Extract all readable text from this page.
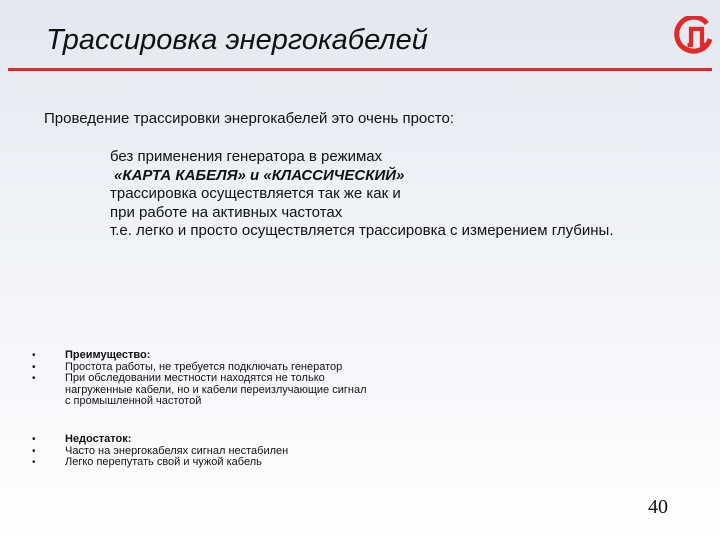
Трассировка энергокабелей
Проведение трассировки энергокабелей это очень просто:
без применения генератора в режимах
«КАРТА КАБЕЛЯ» и «КЛАССИЧЕСКИЙ»
трассировка осуществляется так же как и
при работе на активных частотах
т.е. легко и просто осуществляется трассировка с измерением глубины.
•	Преимущество:
•	Простота работы, не требуется подключать генератор
•	При обследовании местности находятся не только
нагруженные кабели, но и кабели переизлучающие сигнал
с промышленной частотой
•	Недостаток:
•	Часто на энергокабелях сигнал нестабилен
•	Легко перепутать свой и чужой кабель
40
